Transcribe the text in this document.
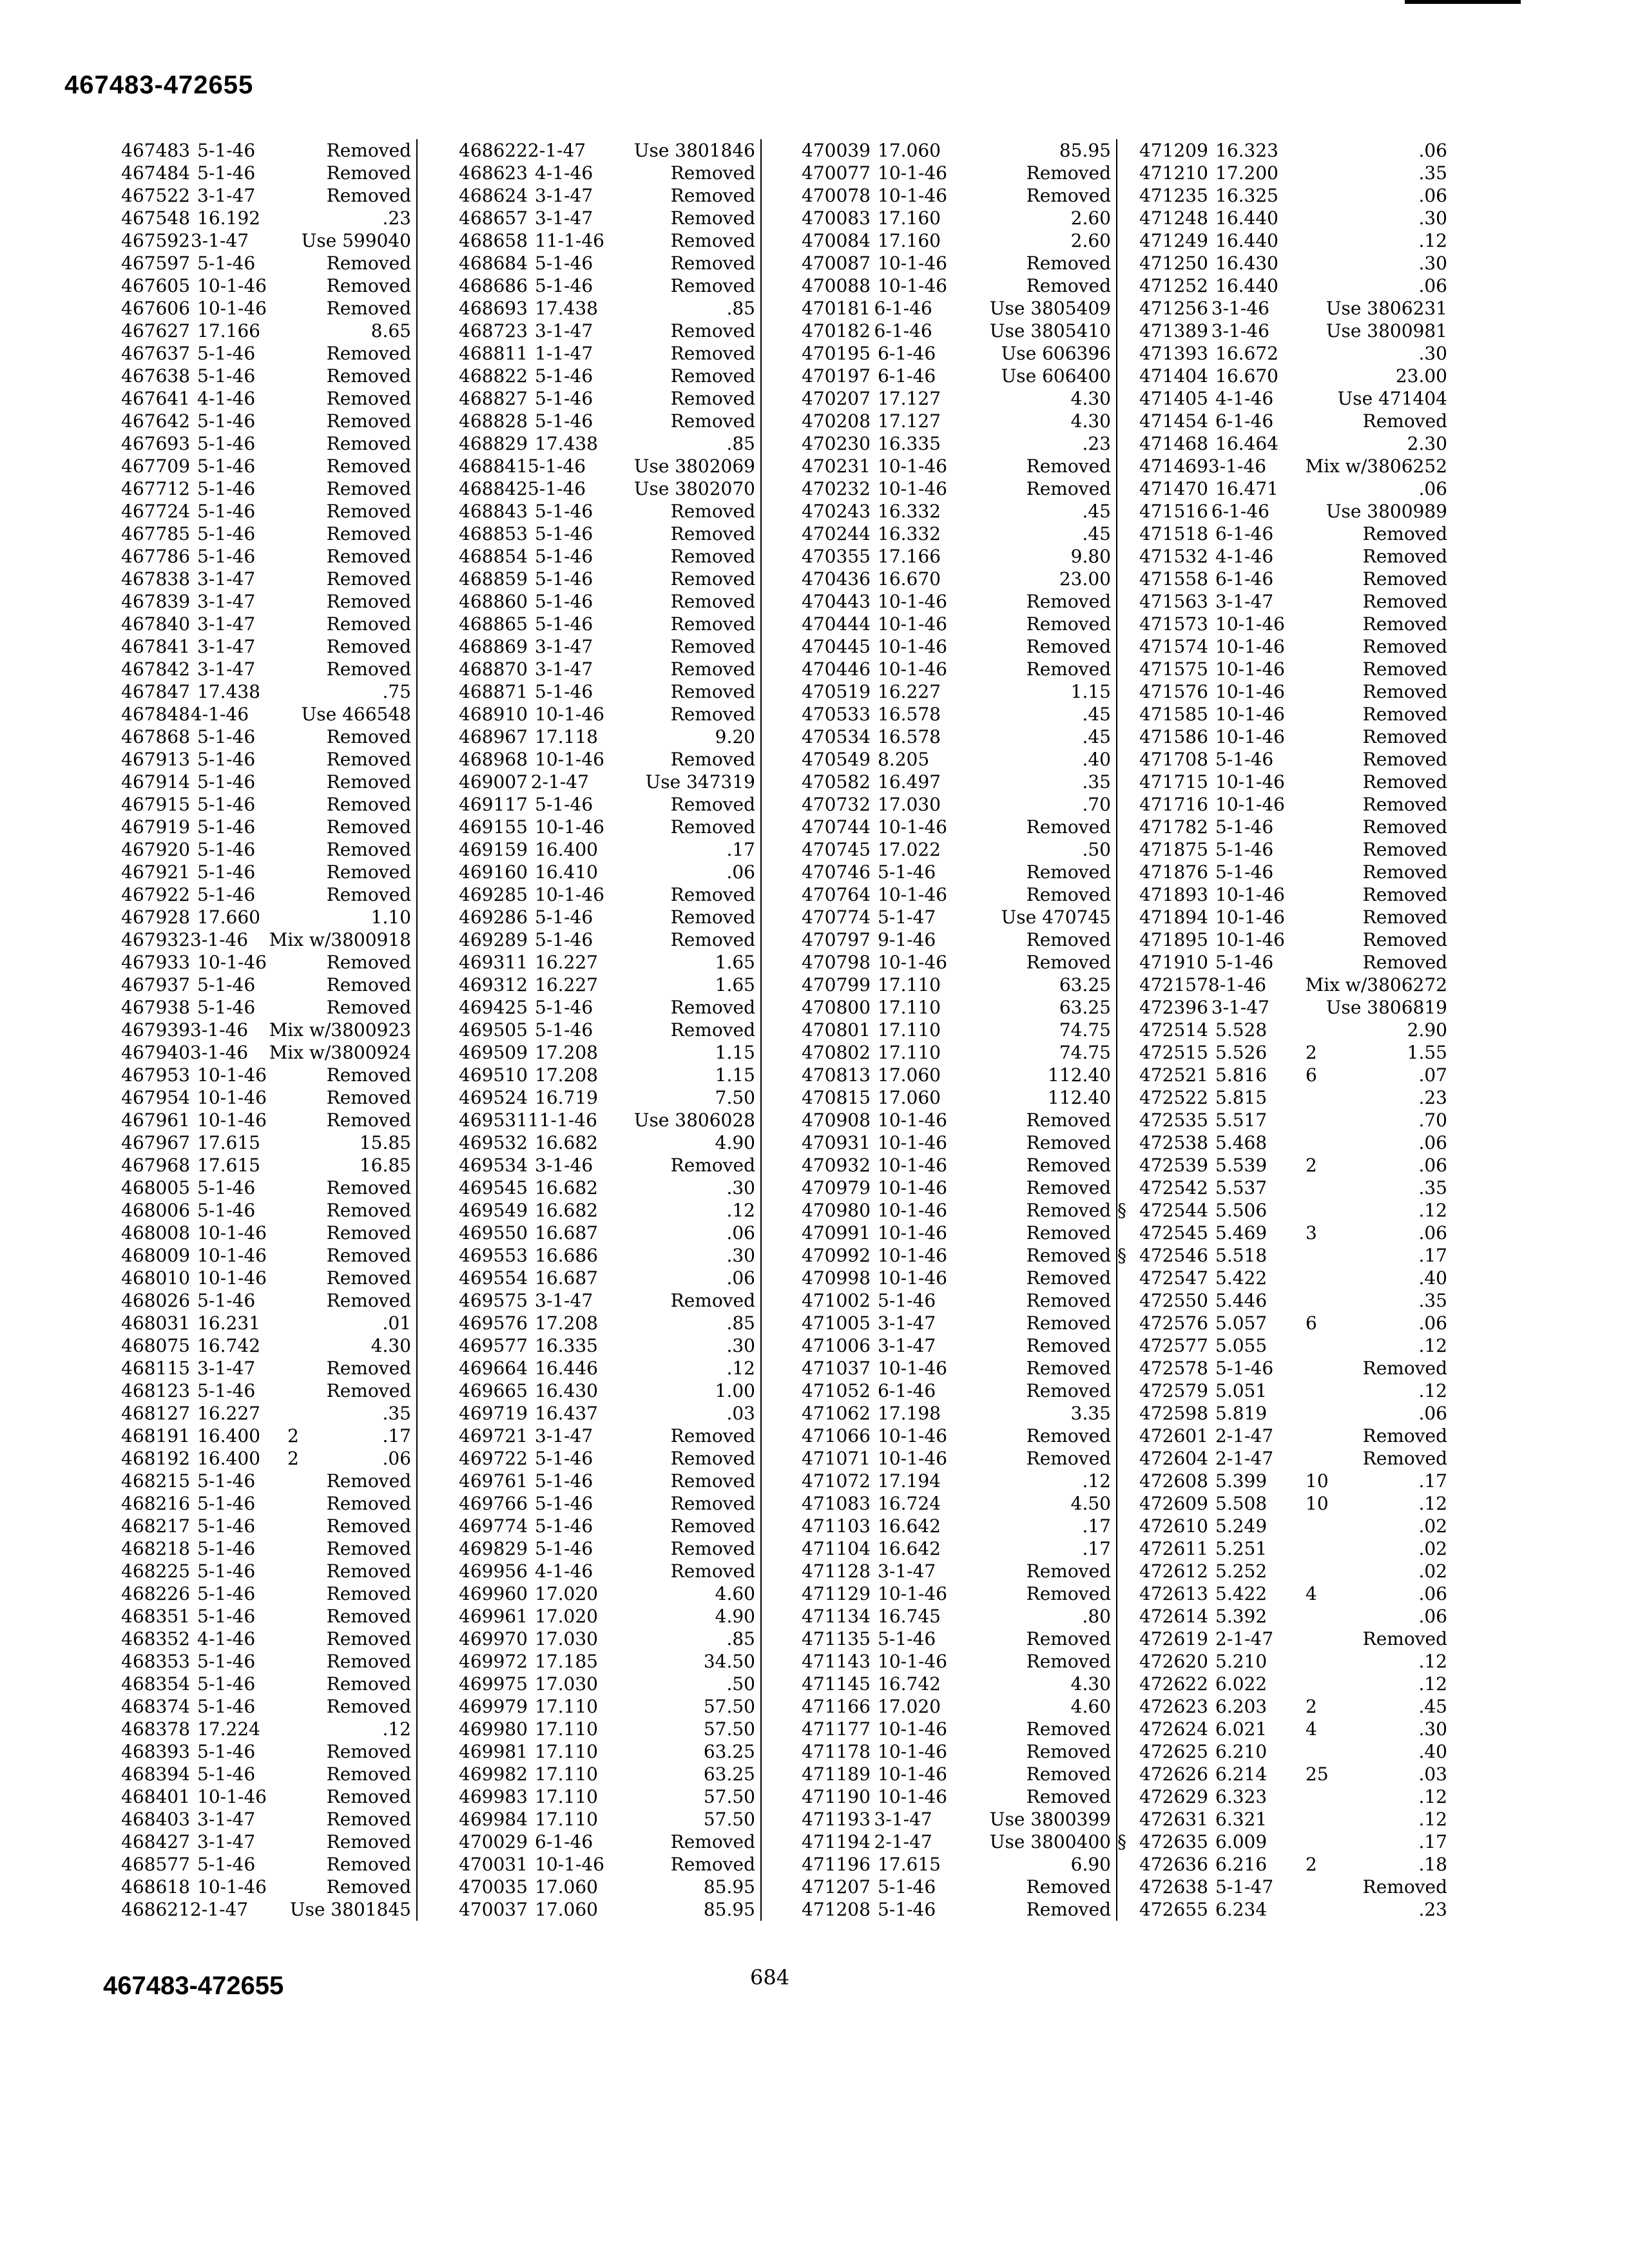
467483-472655
467483 5-1-46	Removed
467484 5-1-46	Removed
467522 3-1-47	Removed
467548 16.192	.23
467592 3-1-47	Use 599040
467597 5-1-46	Removed
467605 10-1-46	Removed
467606 10-1-46	Removed
467627 17.166	8.65
467637 5-1-46	Removed
467638 5-1-46	Removed
467641 4-1-46	Removed
467642 5-1-46	Removed
467693 5-1-46	Removed
467709 5-1-46	Removed
467712 5-1-46	Removed
467724 5-1-46	Removed
467785 5-1-46	Removed
467786 5-1-46	Removed
467838 3-1-47	Removed
467839 3-1-47	Removed
467840 3-1-47	Removed
467841 3-1-47	Removed
467842 3-1-47	Removed
467847 17.438	.75
467848 4-1-46	Use 466548
467868 5-1-46	Removed
467913 5-1-46	Removed
467914 5-1-46	Removed
467915 5-1-46	Removed
467919 5-1-46	Removed
467920 5-1-46	Removed
467921 5-1-46	Removed
467922 5-1-46	Removed
467928 17.660	1.10
467932 3-1-46 Mix w/3800918
467933 10-1-46	Removed
467937 5-1-46	Removed
467938 5-1-46	Removed
467939 3-1-46 Mix w/3800923
467940 3-1-46 Mix w/3800924
467953 10-1-46	Removed
467954 10-1-46	Removed
467961 10-1-46	Removed
467967 17.615	15.85
467968 17.615	16.85
468005 5-1-46	Removed
468006 5-1-46	Removed
468008 10-1-46	Removed
468009 10-1-46	Removed
468010 10-1-46	Removed
468026 5-1-46	Removed
468031 16.231	.01
468075 16.742	4.30
468115 3-1-47	Removed
468123 5-1-46	Removed
468127 16.227	.35
468191 16.400	2	.17
468192 16.400	2	.06
468215 5-1-46	Removed
468216 5-1-46	Removed
468217 5-1-46	Removed
468218 5-1-46	Removed
468225 5-1-46	Removed
468226 5-1-46	Removed
468351 5-1-46	Removed
468352 4-1-46	Removed
468353 5-1-46	Removed
468354 5-1-46	Removed
468374 5-1-46	Removed
468378 17.224	.12
468393 5-1-46	Removed
468394 5-1-46	Removed
468401 10-1-46	Removed
468403 3-1-47	Removed
468427 3-1-47	Removed
468577 5-1-46	Removed
468618 10-1-46	Removed
468621 2-1-47	Use 3801845
468622 2-1-47	Use 3801846
468623 4-1-46	Removed
468624 3-1-47	Removed
468657 3-1-47	Removed
468658 11-1-46	Removed
468684 5-1-46	Removed
468686 5-1-46	Removed
468693 17.438	.85
468723 3-1-47	Removed
468811 1-1-47	Removed
468822 5-1-46	Removed
468827 5-1-46	Removed
468828 5-1-46	Removed
468829 17.438	.85
468841 5-1-46	Use 3802069
468842 5-1-46	Use 3802070
468843 5-1-46	Removed
468853 5-1-46	Removed
468854 5-1-46	Removed
468859 5-1-46	Removed
468860 5-1-46	Removed
468865 5-1-46	Removed
468869 3-1-47	Removed
468870 3-1-47	Removed
468871 5-1-46	Removed
468910 10-1-46	Removed
468967 17.118	9.20
468968 10-1-46	Removed
469007 2-1-47	Use 347319
469117 5-1-46	Removed
469155 10-1-46	Removed
469159 16.400	.17
469160 16.410	.06
469285 10-1-46	Removed
469286 5-1-46	Removed
469289 5-1-46	Removed
469311 16.227	1.65
469312 16.227	1.65
469425 5-1-46	Removed
469505 5-1-46	Removed
469509 17.208	1.15
469510 17.208	1.15
469524 16.719	7.50
469531 11-1-46	Use 3806028
469532 16.682	4.90
469534 3-1-46	Removed
469545 16.682	.30
469549 16.682	.12
469550 16.687	.06
469553 16.686	.30
469554 16.687	.06
469575 3-1-47	Removed
469576 17.208	.85
469577 16.335	.30
469664 16.446	.12
469665 16.430	1.00
469719 16.437	.03
469721 3-1-47	Removed
469722 5-1-46	Removed
469761 5-1-46	Removed
469766 5-1-46	Removed
469774 5-1-46	Removed
469829 5-1-46	Removed
469956 4-1-46	Removed
469960 17.020	4.60
469961 17.020	4.90
469970 17.030	.85
469972 17.185	34.50
469975 17.030	.50
469979 17.110	57.50
469980 17.110	57.50
469981 17.110	63.25
469982 17.110	63.25
469983 17.110	57.50
469984 17.110	57.50
470029 6-1-46	Removed
470031 10-1-46	Removed
470035 17.060	85.95
470037 17.060	85.95
470039 17.060	85.95
470077 10-1-46	Removed
470078 10-1-46	Removed
470083 17.160	2.60
470084 17.160	2.60
470087 10-1-46	Removed
470088 10-1-46	Removed
470181 6-1-46	Use 3805409
470182 6-1-46	Use 3805410
470195 6-1-46	Use 606396
470197 6-1-46	Use 606400
470207 17.127	4.30
470208 17.127	4.30
470230 16.335	.23
470231 10-1-46	Removed
470232 10-1-46	Removed
470243 16.332	.45
470244 16.332	.45
470355 17.166	9.80
470436 16.670	23.00
470443 10-1-46	Removed
470444 10-1-46	Removed
470445 10-1-46	Removed
470446 10-1-46	Removed
470519 16.227	1.15
470533 16.578	.45
470534 16.578	.45
470549 8.205	.40
470582 16.497	.35
470732 17.030	.70
470744 10-1-46	Removed
470745 17.022	.50
470746 5-1-46	Removed
470764 10-1-46	Removed
470774 5-1-47	Use 470745
470797 9-1-46	Removed
470798 10-1-46	Removed
470799 17.110	63.25
470800 17.110	63.25
470801 17.110	74.75
470802 17.110	74.75
470813 17.060	112.40
470815 17.060	112.40
470908 10-1-46	Removed
470931 10-1-46	Removed
470932 10-1-46	Removed
470979 10-1-46	Removed
470980 10-1-46	Removed
470991 10-1-46	Removed
470992 10-1-46	Removed
470998 10-1-46	Removed
471002 5-1-46	Removed
471005 3-1-47	Removed
471006 3-1-47	Removed
471037 10-1-46	Removed
471052 6-1-46	Removed
471062 17.198	3.35
471066 10-1-46	Removed
471071 10-1-46	Removed
471072 17.194	.12
471083 16.724	4.50
471103 16.642	.17
471104 16.642	.17
471128 3-1-47	Removed
471129 10-1-46	Removed
471134 16.745	.80
471135 5-1-46	Removed
471143 10-1-46	Removed
471145 16.742	4.30
471166 17.020	4.60
471177 10-1-46	Removed
471178 10-1-46	Removed
471189 10-1-46	Removed
471190 10-1-46	Removed
471193 3-1-47	Use 3800399
471194 2-1-47	Use 3800400
471196 17.615	6.90
471207 5-1-46	Removed
471208 5-1-46	Removed
471209 16.323	.06
471210 17.200	.35
471235 16.325	.06
471248 16.440	.30
471249 16.440	.12
471250 16.430	.30
471252 16.440	.06
471256 3-1-46	Use 3806231
471389 3-1-46	Use 3800981
471393 16.672	.30
471404 16.670	23.00
471405 4-1-46	Use 471404
471454 6-1-46	Removed
471468 16.464	2.30
471469 3-1-46	Mix w/3806252
471470 16.471	.06
471516 6-1-46	Use 3800989
471518 6-1-46	Removed
471532 4-1-46	Removed
471558 6-1-46	Removed
471563 3-1-47	Removed
471573 10-1-46	Removed
471574 10-1-46	Removed
471575 10-1-46	Removed
471576 10-1-46	Removed
471585 10-1-46	Removed
471586 10-1-46	Removed
471708 5-1-46	Removed
471715 10-1-46	Removed
471716 10-1-46	Removed
471782 5-1-46	Removed
471875 5-1-46	Removed
471876 5-1-46	Removed
471893 10-1-46	Removed
471894 10-1-46	Removed
471895 10-1-46	Removed
471910 5-1-46	Removed
472157 8-1-46	Mix w/3806272
472396 3-1-47	Use 3806819
472514 5.528	2.90
472515 5.526	2	1.55
472521 5.816	6	.07
472522 5.815	.23
472535 5.517	.70
472538 5.468	.06
472539 5.539	2	.06
472542 5.537	.35
§ 472544 5.506	.12
472545 5.469	3	.06
§ 472546 5.518	.17
472547 5.422	.40
472550 5.446	.35
472576 5.057	6	.06
472577 5.055	.12
472578 5-1-46	Removed
472579 5.051	.12
472598 5.819	.06
472601 2-1-47	Removed
472604 2-1-47	Removed
472608 5.399	10	.17
472609 5.508	10	.12
472610 5.249	.02
472611 5.251	.02
472612 5.252	.02
472613 5.422	4	.06
472614 5.392	.06
472619 2-1-47	Removed
472620 5.210	.12
472622 6.022	.12
472623 6.203	2	.45
472624 6.021	4	.30
472625 6.210	.40
472626 6.214	25	.03
472629 6.323	.12
472631 6.321	.12
§ 472635 6.009	.17
472636 6.216	2	.18
472638 5-1-47	Removed
472655 6.234	.23
467483-472655	684
